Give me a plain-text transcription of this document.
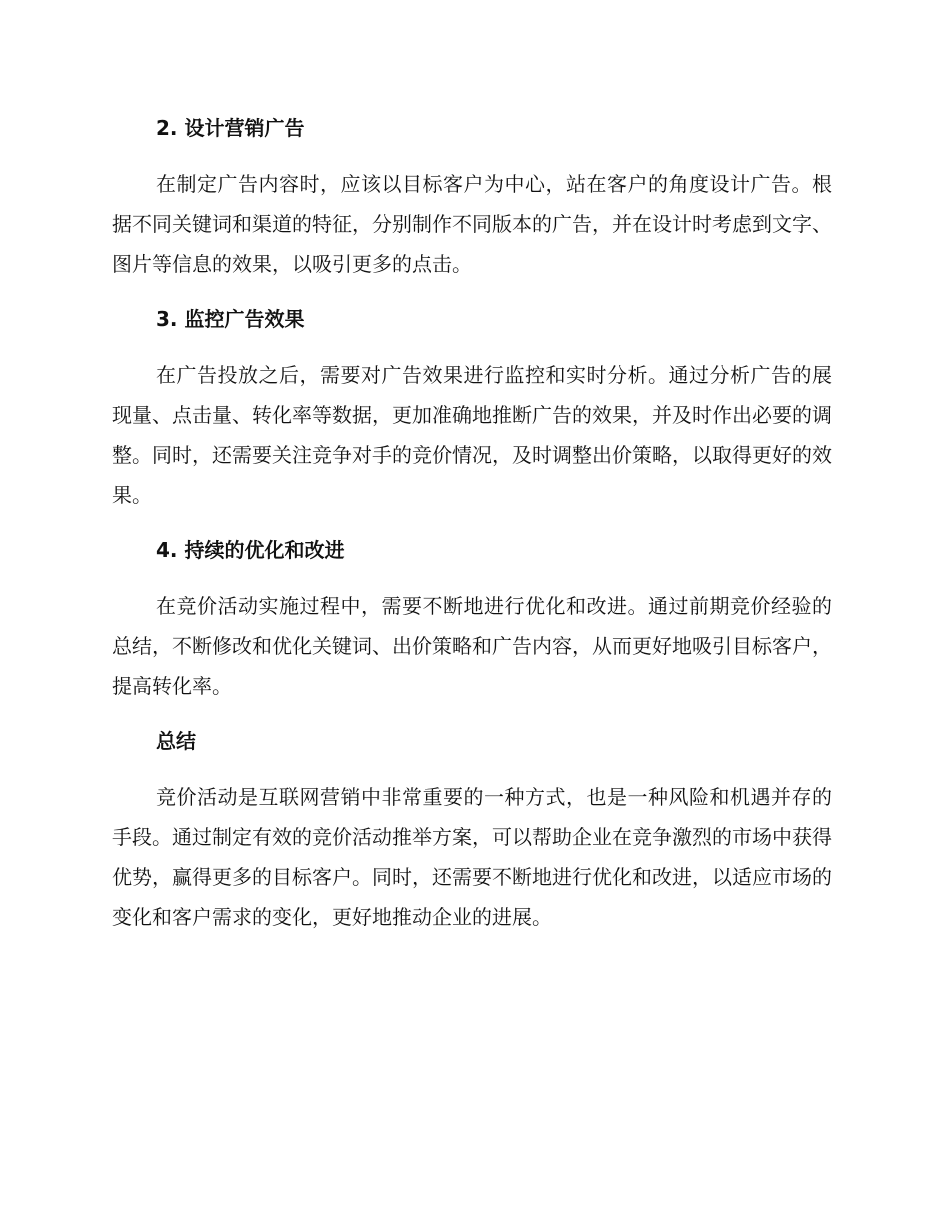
2. 设计营销广告

在制定广告内容时，应该以目标客户为中心，站在客户的角度设计广告。根据不同关键词和渠道的特征，分别制作不同版本的广告，并在设计时考虑到文字、图片等信息的效果，以吸引更多的点击。

3. 监控广告效果

在广告投放之后，需要对广告效果进行监控和实时分析。通过分析广告的展现量、点击量、转化率等数据，更加准确地推断广告的效果，并及时作出必要的调整。同时，还需要关注竞争对手的竞价情况，及时调整出价策略，以取得更好的效果。

4. 持续的优化和改进

在竞价活动实施过程中，需要不断地进行优化和改进。通过前期竞价经验的总结，不断修改和优化关键词、出价策略和广告内容，从而更好地吸引目标客户，提高转化率。

总结

竞价活动是互联网营销中非常重要的一种方式，也是一种风险和机遇并存的手段。通过制定有效的竞价活动推举方案，可以帮助企业在竞争激烈的市场中获得优势，赢得更多的目标客户。同时，还需要不断地进行优化和改进，以适应市场的变化和客户需求的变化，更好地推动企业的进展。
